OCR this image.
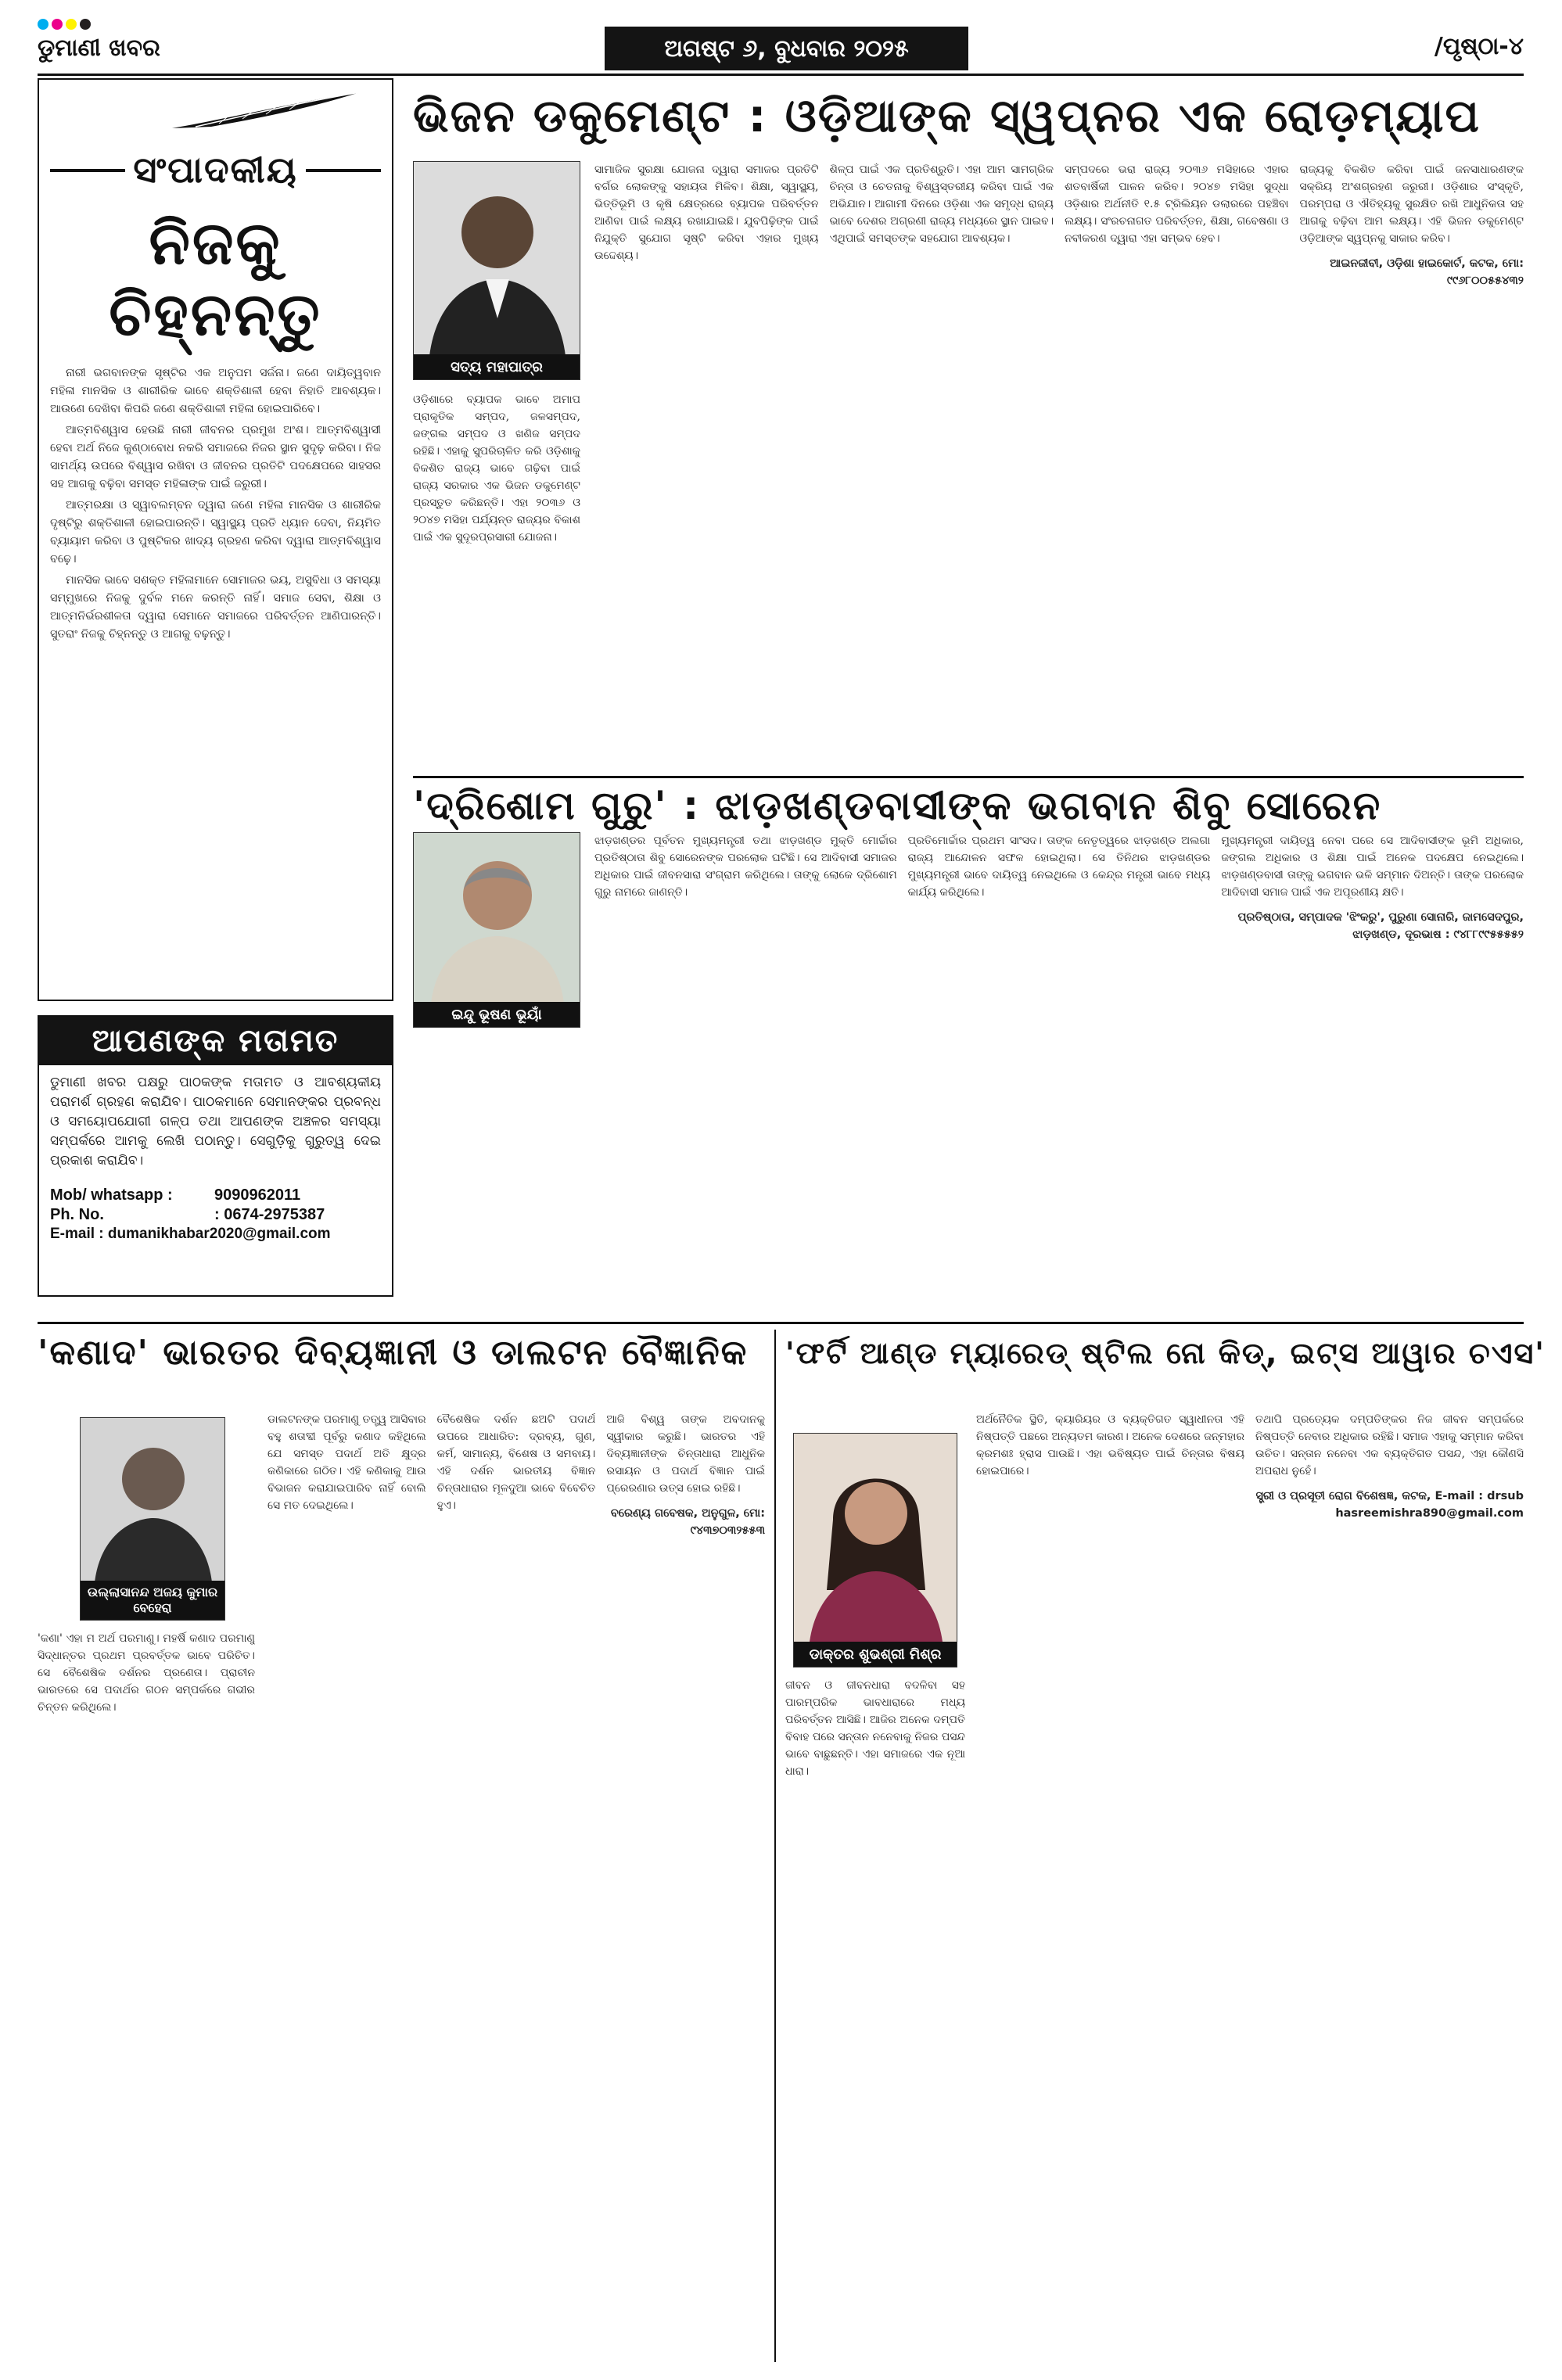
ଡୁମାଣୀ ଖବର	ଅଗଷ୍ଟ ୬, ବୁଧବାର ୨୦୨୫	/ପୃଷ୍ଠା-୪
ସଂପାଦକୀୟ
ନିଜକୁ ଚିହ୍ନନ୍ତୁ

ନାରୀ ଭଗବାନଙ୍କ ସୃଷ୍ଟିର ଏକ ଅନୁପମ ସର୍ଜନା। ଜଣେ ଦାୟିତ୍ୱବାନ ମହିଳା ମାନସିକ ଓ ଶାରୀରିକ ଭାବେ ଶକ୍ତିଶାଳୀ ହେବା ନିହାତି ଆବଶ୍ୟକ। ଆଉଣେ ଦେଖିବା କିପରି ଜଣେ ଶକ୍ତିଶାଳୀ ମହିଳା ହୋଇପାରିବେ।

ଆତ୍ମବିଶ୍ୱାସ ହେଉଛି ନାରୀ ଜୀବନର ପ୍ରମୁଖ ଅଂଶ। ଆତ୍ମବିଶ୍ୱାସୀ ହେବା ଅର୍ଥ ନିଜେ କୁଣ୍ଠାବୋଧ ନକରି ସମାଜରେ ନିଜର ସ୍ଥାନ ସୁଦୃଢ଼ କରିବା। ନିଜ ସାମର୍ଥ୍ୟ ଉପରେ ବିଶ୍ୱାସ ରଖିବା ଓ ଜୀବନର ପ୍ରତିଟି ପଦକ୍ଷେପରେ ସାହସର ସହ ଆଗକୁ ବଢ଼ିବା ସମସ୍ତ ମହିଳାଙ୍କ ପାଇଁ ଜରୁରୀ।

ଆତ୍ମରକ୍ଷା ଓ ସ୍ୱାବଲମ୍ବନ ଦ୍ୱାରା ଜଣେ ମହିଳା ମାନସିକ ଓ ଶାରୀରିକ ଦୃଷ୍ଟିରୁ ଶକ୍ତିଶାଳୀ ହୋଇପାରନ୍ତି। ସ୍ୱାସ୍ଥ୍ୟ ପ୍ରତି ଧ୍ୟାନ ଦେବା, ନିୟମିତ ବ୍ୟାୟାମ କରିବା ଓ ପୁଷ୍ଟିକର ଖାଦ୍ୟ ଗ୍ରହଣ କରିବା ଦ୍ୱାରା ଆତ୍ମବିଶ୍ୱାସ ବଢ଼େ।

ମାନସିକ ଭାବେ ସଶକ୍ତ ମହିଳାମାନେ ସୋମାଜର ଭୟ, ଅସୁବିଧା ଓ ସମସ୍ୟା ସମ୍ମୁଖରେ ନିଜକୁ ଦୁର୍ବଳ ମନେ କରନ୍ତି ନାହିଁ। ସମାଜ ସେବା, ଶିକ୍ଷା ଓ ଆତ୍ମନିର୍ଭରଶୀଳତା ଦ୍ୱାରା ସେମାନେ ସମାଜରେ ପରିବର୍ତ୍ତନ ଆଣିପାରନ୍ତି। ସୁତରାଂ ନିଜକୁ ଚିହ୍ନନ୍ତୁ ଓ ଆଗକୁ ବଢ଼ନ୍ତୁ।

ଆପଣଙ୍କ ମତାମତ
ଡୁମାଣୀ ଖବର ପକ୍ଷରୁ ପାଠକଙ୍କ ମତାମତ ଓ ଆବଶ୍ୟକୀୟ ପରାମର୍ଶ ଗ୍ରହଣ କରାଯିବ। ପାଠକମାନେ ସେମାନଙ୍କର ପ୍ରବନ୍ଧ ଓ ସମୟୋପଯୋଗୀ ଗଳ୍ପ ତଥା ଆପଣଙ୍କ ଅଞ୍ଚଳର ସମସ୍ୟା ସମ୍ପର୍କରେ ଆମକୁ ଲେଖି ପଠାନ୍ତୁ। ସେଗୁଡ଼ିକୁ ଗୁରୁତ୍ୱ ଦେଇ ପ୍ରକାଶ କରାଯିବ।
Mob/ whatsapp :	9090962011
Ph. No.	: 0674-2975387
E-mail : dumanikhabar2020@gmail.com
ଭିଜନ ଡକୁମେଣ୍ଟ : ଓଡ଼ିଆଙ୍କ ସ୍ୱପ୍ନର ଏକ ରୋଡ଼ମ୍ୟାପ
ସତ୍ୟ ମହାପାତ୍ର
ଓଡ଼ିଶାରେ ବ୍ୟାପକ ଭାବେ ଅମାପ ପ୍ରାକୃତିକ ସମ୍ପଦ, ଜଳସମ୍ପଦ, ଜଙ୍ଗଲ ସମ୍ପଦ ଓ ଖଣିଜ ସମ୍ପଦ ରହିଛି। ଏହାକୁ ସୁପରିଚାଳିତ କରି ଓଡ଼ିଶାକୁ ବିକଶିତ ରାଜ୍ୟ ଭାବେ ଗଢ଼ିବା ପାଇଁ ରାଜ୍ୟ ସରକାର ଏକ ଭିଜନ ଡକୁମେଣ୍ଟ ପ୍ରସ୍ତୁତ କରିଛନ୍ତି। ଏହା ୨୦୩୬ ଓ ୨୦୪୭ ମସିହା ପର୍ଯ୍ୟନ୍ତ ରାଜ୍ୟର ବିକାଶ ପାଇଁ ଏକ ସୁଦୂରପ୍ରସାରୀ ଯୋଜନା।
ସାମାଜିକ ସୁରକ୍ଷା ଯୋଜନା ଦ୍ୱାରା ସମାଜର ପ୍ରତିଟି ବର୍ଗର ଲୋକଙ୍କୁ ସହାୟତା ମିଳିବ। ଶିକ୍ଷା, ସ୍ୱାସ୍ଥ୍ୟ, ଭିତ୍ତିଭୂମି ଓ କୃଷି କ୍ଷେତ୍ରରେ ବ୍ୟାପକ ପରିବର୍ତ୍ତନ ଆଣିବା ପାଇଁ ଲକ୍ଷ୍ୟ ରଖାଯାଇଛି। ଯୁବପିଢ଼ିଙ୍କ ପାଇଁ ନିଯୁକ୍ତି ସୁଯୋଗ ସୃଷ୍ଟି କରିବା ଏହାର ମୁଖ୍ୟ ଉଦ୍ଦେଶ୍ୟ।
ଶିଳ୍ପ ପାଇଁ ଏକ ପ୍ରତିଶ୍ରୁତି। ଏହା ଆମ ସାମଗ୍ରିକ ଚିନ୍ତା ଓ ଚେତନାକୁ ବିଶ୍ୱସ୍ତରୀୟ କରିବା ପାଇଁ ଏକ ଅଭିଯାନ। ଆଗାମୀ ଦିନରେ ଓଡ଼ିଶା ଏକ ସମୃଦ୍ଧ ରାଜ୍ୟ ଭାବେ ଦେଶର ଅଗ୍ରଣୀ ରାଜ୍ୟ ମଧ୍ୟରେ ସ୍ଥାନ ପାଇବ। ଏଥିପାଇଁ ସମସ୍ତଙ୍କ ସହଯୋଗ ଆବଶ୍ୟକ।
ସମ୍ପଦରେ ଭରା ରାଜ୍ୟ ୨୦୩୬ ମସିହାରେ ଏହାର ଶତବାର୍ଷିକୀ ପାଳନ କରିବ। ୨୦୪୭ ମସିହା ସୁଦ୍ଧା ଓଡ଼ିଶାର ଅର୍ଥନୀତି ୧.୫ ଟ୍ରିଲିୟନ ଡଲାରରେ ପହଞ୍ଚିବା ଲକ୍ଷ୍ୟ। ସଂରଚନାଗତ ପରିବର୍ତ୍ତନ, ଶିକ୍ଷା, ଗବେଷଣା ଓ ନବୀକରଣ ଦ୍ୱାରା ଏହା ସମ୍ଭବ ହେବ।
ରାଜ୍ୟକୁ ବିକଶିତ କରିବା ପାଇଁ ଜନସାଧାରଣଙ୍କ ସକ୍ରିୟ ଅଂଶଗ୍ରହଣ ଜରୁରୀ। ଓଡ଼ିଶାର ସଂସ୍କୃତି, ପରମ୍ପରା ଓ ଐତିହ୍ୟକୁ ସୁରକ୍ଷିତ ରଖି ଆଧୁନିକତା ସହ ଆଗକୁ ବଢ଼ିବା ଆମ ଲକ୍ଷ୍ୟ। ଏହି ଭିଜନ ଡକୁମେଣ୍ଟ ଓଡ଼ିଆଙ୍କ ସ୍ୱପ୍ନକୁ ସାକାର କରିବ।
ଆଇନଜୀବୀ, ଓଡ଼ିଶା ହାଇକୋର୍ଟ, କଟକ, ମୋ: ୯୯୬୮୦୦୫୫୪୩୨
'ଦ୍ରିଶୋମ ଗୁରୁ' : ଝାଡ଼ଖଣ୍ଡବାସୀଙ୍କ ଭଗବାନ ଶିବୁ ସୋରେନ
ଇନ୍ଦୁ ଭୂଷଣ ଭୂୟାଁ
ଝାଡ଼ଖଣ୍ଡର ପୂର୍ବତନ ମୁଖ୍ୟମନ୍ତ୍ରୀ ତଥା ଝାଡ଼ଖଣ୍ଡ ମୁକ୍ତି ମୋର୍ଚ୍ଚାର ପ୍ରତିଷ୍ଠାତା ଶିବୁ ସୋରେନଙ୍କ ପରଲୋକ ଘଟିଛି। ସେ ଆଦିବାସୀ ସମାଜର ଅଧିକାର ପାଇଁ ଜୀବନସାରା ସଂଗ୍ରାମ କରିଥିଲେ। ତାଙ୍କୁ ଲୋକେ ଦ୍ରିଶୋମ ଗୁରୁ ନାମରେ ଜାଣନ୍ତି।
ପ୍ରତିମୋର୍ଚ୍ଚାର ପ୍ରଥମ ସାଂସଦ। ତାଙ୍କ ନେତୃତ୍ୱରେ ଝାଡ଼ଖଣ୍ଡ ଅଲଗା ରାଜ୍ୟ ଆନ୍ଦୋଳନ ସଫଳ ହୋଇଥିଲା। ସେ ତିନିଥର ଝାଡ଼ଖଣ୍ଡର ମୁଖ୍ୟମନ୍ତ୍ରୀ ଭାବେ ଦାୟିତ୍ୱ ନେଇଥିଲେ ଓ କେନ୍ଦ୍ର ମନ୍ତ୍ରୀ ଭାବେ ମଧ୍ୟ କାର୍ଯ୍ୟ କରିଥିଲେ।
ମୁଖ୍ୟମନ୍ତ୍ରୀ ଦାୟିତ୍ୱ ନେବା ପରେ ସେ ଆଦିବାସୀଙ୍କ ଭୂମି ଅଧିକାର, ଜଙ୍ଗଲ ଅଧିକାର ଓ ଶିକ୍ଷା ପାଇଁ ଅନେକ ପଦକ୍ଷେପ ନେଇଥିଲେ। ଝାଡ଼ଖଣ୍ଡବାସୀ ତାଙ୍କୁ ଭଗବାନ ଭଳି ସମ୍ମାନ ଦିଅନ୍ତି। ତାଙ୍କ ପରଲୋକ ଆଦିବାସୀ ସମାଜ ପାଇଁ ଏକ ଅପୂରଣୀୟ କ୍ଷତି।
ପ୍ରତିଷ୍ଠାତା, ସମ୍ପାଦକ 'ଝିଂକରୁ', ପୁରୁଣା ସୋନାରି, ଜାମସେଦପୁର, ଝାଡ଼ଖଣ୍ଡ, ଦୂରଭାଷ : ୯୪୮୮୯୯୫୫୫୫୨
'କଣାଦ' ଭାରତର ଦିବ୍ୟଜ୍ଞାନୀ ଓ ଡାଲଟନ ବୈଜ୍ଞାନିକ
ଉଲ୍ଲାସାନନ୍ଦ ଅଜୟ କୁମାର ବେହେରା
'କଣା' ଏହା ମ ଅର୍ଥ ପରମାଣୁ। ମହର୍ଷି କଣାଦ ପରମାଣୁ ସିଦ୍ଧାନ୍ତର ପ୍ରଥମ ପ୍ରବର୍ତ୍ତକ ଭାବେ ପରିଚିତ। ସେ ବୈଶେଷିକ ଦର୍ଶନର ପ୍ରଣେତା। ପ୍ରାଚୀନ ଭାରତରେ ସେ ପଦାର୍ଥର ଗଠନ ସମ୍ପର୍କରେ ଗଭୀର ଚିନ୍ତନ କରିଥିଲେ।
ଡାଲଟନଙ୍କ ପରମାଣୁ ତତ୍ତ୍ୱ ଆସିବାର ବହୁ ଶତାବ୍ଦୀ ପୂର୍ବରୁ କଣାଦ କହିଥିଲେ ଯେ ସମସ୍ତ ପଦାର୍ଥ ଅତି କ୍ଷୁଦ୍ର କଣିକାରେ ଗଠିତ। ଏହି କଣିକାକୁ ଆଉ ବିଭାଜନ କରାଯାଇପାରିବ ନାହିଁ ବୋଲି ସେ ମତ ଦେଇଥିଲେ।
ବୈଶେଷିକ ଦର୍ଶନ ଛଅଟି ପଦାର୍ଥ ଉପରେ ଆଧାରିତ: ଦ୍ରବ୍ୟ, ଗୁଣ, କର୍ମ, ସାମାନ୍ୟ, ବିଶେଷ ଓ ସମବାୟ। ଏହି ଦର୍ଶନ ଭାରତୀୟ ବିଜ୍ଞାନ ଚିନ୍ତାଧାରାର ମୂଳଦୁଆ ଭାବେ ବିବେଚିତ ହୁଏ।
ଆଜି ବିଶ୍ୱ ତାଙ୍କ ଅବଦାନକୁ ସ୍ୱୀକାର କରୁଛି। ଭାରତର ଏହି ଦିବ୍ୟଜ୍ଞାନୀଙ୍କ ଚିନ୍ତାଧାରା ଆଧୁନିକ ରସାୟନ ଓ ପଦାର୍ଥ ବିଜ୍ଞାନ ପାଇଁ ପ୍ରେରଣାର ଉତ୍ସ ହୋଇ ରହିଛି।
ବରେଣ୍ୟ ଗବେଷକ, ଅନୁଗୁଳ, ମୋ: ୯୪୩୭୦୩୨୫୫୩
'ଫର୍ଟି ଆଣ୍ଡ ମ୍ୟାରେଡ୍ ଷ୍ଟିଲ ନୋ କିଡ୍, ଇଟ୍ସ ଆୱାର ଚଏସ'
ଡାକ୍ତର ଶୁଭଶ୍ରୀ ମିଶ୍ର
ଜୀବନ ଓ ଜୀବନଧାରା ବଦଳିବା ସହ ପାରମ୍ପରିକ ଭାବଧାରାରେ ମଧ୍ୟ ପରିବର୍ତ୍ତନ ଆସିଛି। ଆଜିର ଅନେକ ଦମ୍ପତି ବିବାହ ପରେ ସନ୍ତାନ ନନେବାକୁ ନିଜର ପସନ୍ଦ ଭାବେ ବାଛୁଛନ୍ତି। ଏହା ସମାଜରେ ଏକ ନୂଆ ଧାରା।
ଅର୍ଥନୈତିକ ସ୍ଥିତି, କ୍ୟାରିୟର ଓ ବ୍ୟକ୍ତିଗତ ସ୍ୱାଧୀନତା ଏହି ନିଷ୍ପତ୍ତି ପଛରେ ଅନ୍ୟତମ କାରଣ। ଅନେକ ଦେଶରେ ଜନ୍ମହାର କ୍ରମଶଃ ହ୍ରାସ ପାଉଛି। ଏହା ଭବିଷ୍ୟତ ପାଇଁ ଚିନ୍ତାର ବିଷୟ ହୋଇପାରେ।
ତଥାପି ପ୍ରତ୍ୟେକ ଦମ୍ପତିଙ୍କର ନିଜ ଜୀବନ ସମ୍ପର୍କରେ ନିଷ୍ପତ୍ତି ନେବାର ଅଧିକାର ରହିଛି। ସମାଜ ଏହାକୁ ସମ୍ମାନ କରିବା ଉଚିତ। ସନ୍ତାନ ନନେବା ଏକ ବ୍ୟକ୍ତିଗତ ପସନ୍ଦ, ଏହା କୌଣସି ଅପରାଧ ନୁହେଁ।
ସ୍ତ୍ରୀ ଓ ପ୍ରସୂତୀ ରୋଗ ବିଶେଷଜ୍ଞ, କଟକ, E-mail : drsubhasreemishra890@gmail.com
